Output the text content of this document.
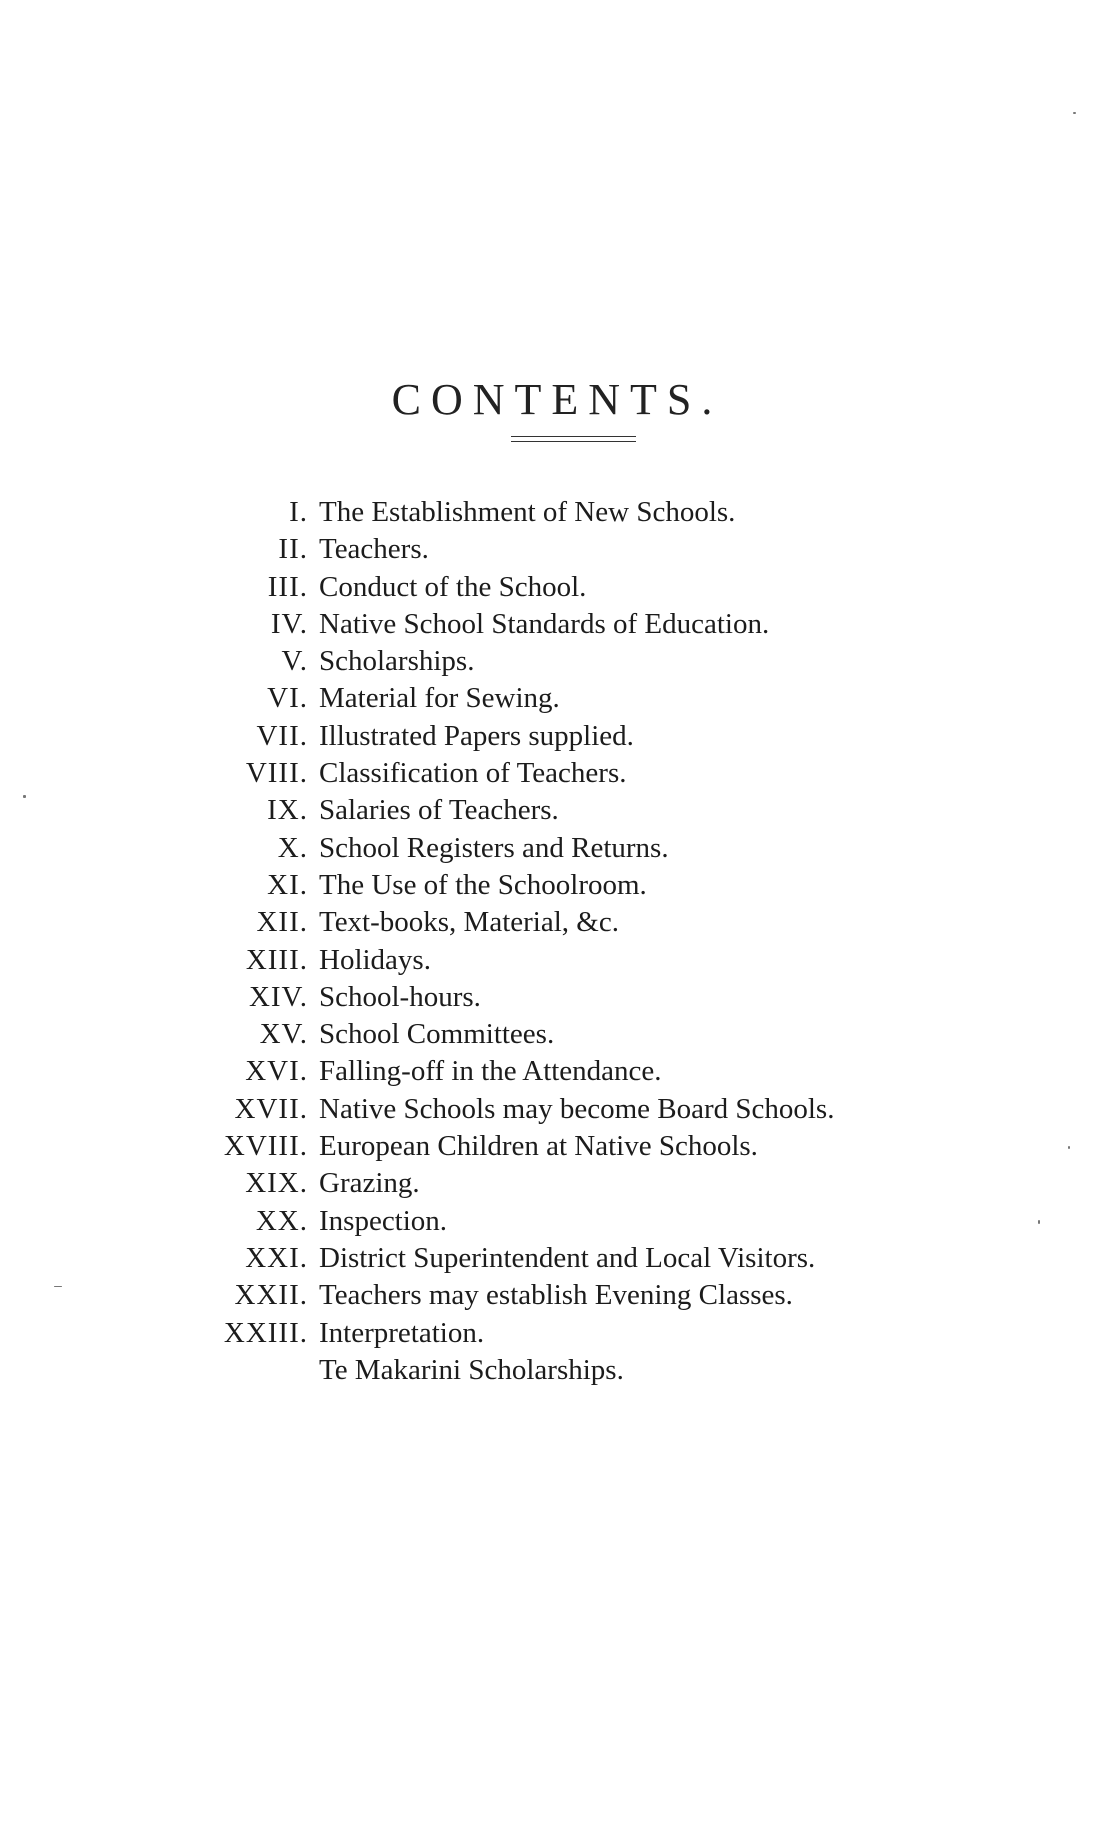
CONTENTS.
I. The Establishment of New Schools.
II. Teachers.
III. Conduct of the School.
IV. Native School Standards of Education.
V. Scholarships.
VI. Material for Sewing.
VII. Illustrated Papers supplied.
VIII. Classification of Teachers.
IX. Salaries of Teachers.
X. School Registers and Returns.
XI. The Use of the Schoolroom.
XII. Text-books, Material, &c.
XIII. Holidays.
XIV. School-hours.
XV. School Committees.
XVI. Falling-off in the Attendance.
XVII. Native Schools may become Board Schools.
XVIII. European Children at Native Schools.
XIX. Grazing.
XX. Inspection.
XXI. District Superintendent and Local Visitors.
XXII. Teachers may establish Evening Classes.
XXIII. Interpretation.
Te Makarini Scholarships.
